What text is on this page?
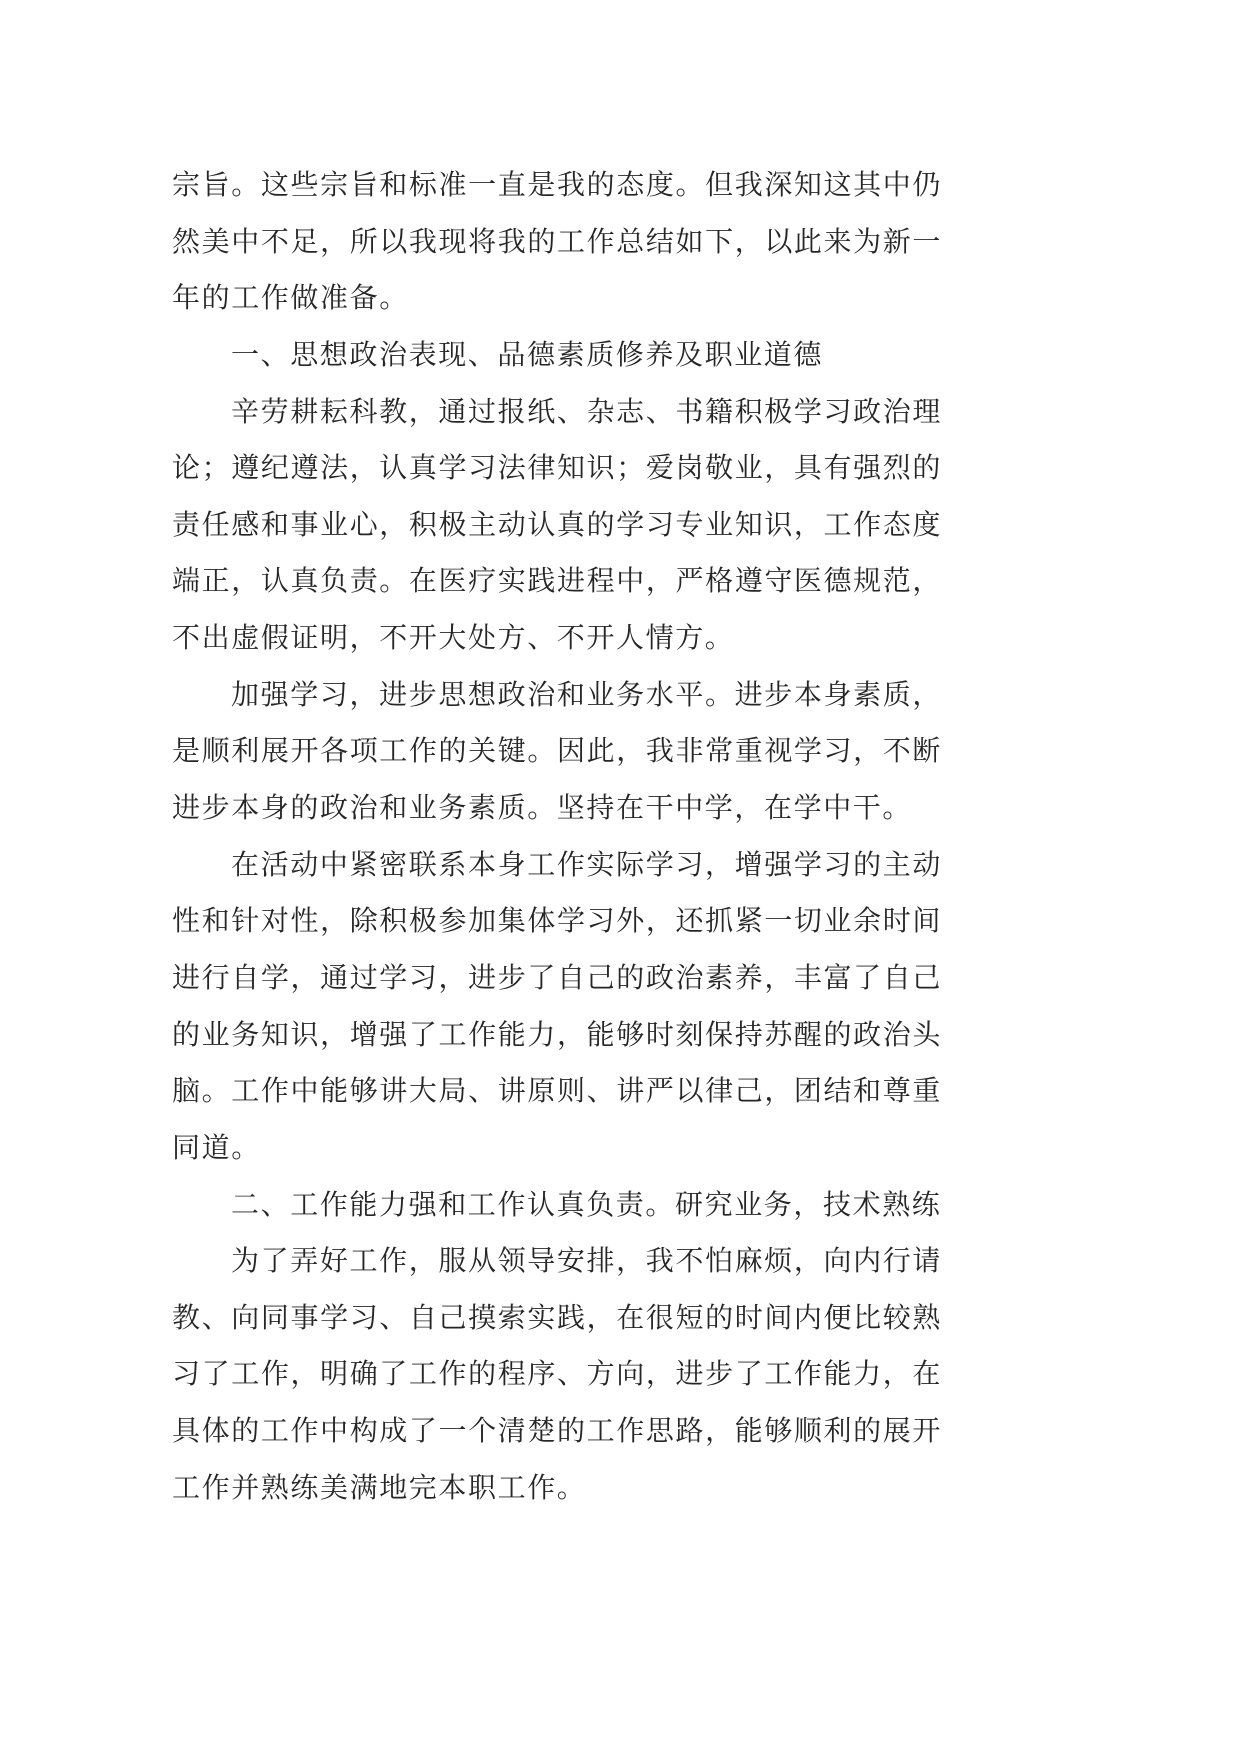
宗旨。这些宗旨和标准一直是我的态度。但我深知这其中仍
然美中不足，所以我现将我的工作总结如下，以此来为新一
年的工作做准备。
一、思想政治表现、品德素质修养及职业道德
辛劳耕耘科教，通过报纸、杂志、书籍积极学习政治理
论；遵纪遵法，认真学习法律知识；爱岗敬业，具有强烈的
责任感和事业心，积极主动认真的学习专业知识，工作态度
端正，认真负责。在医疗实践进程中，严格遵守医德规范，
不出虚假证明，不开大处方、不开人情方。
加强学习，进步思想政治和业务水平。进步本身素质，
是顺利展开各项工作的关键。因此，我非常重视学习，不断
进步本身的政治和业务素质。坚持在干中学，在学中干。
在活动中紧密联系本身工作实际学习，增强学习的主动
性和针对性，除积极参加集体学习外，还抓紧一切业余时间
进行自学，通过学习，进步了自己的政治素养，丰富了自己
的业务知识，增强了工作能力，能够时刻保持苏醒的政治头
脑。工作中能够讲大局、讲原则、讲严以律己，团结和尊重
同道。
二、工作能力强和工作认真负责。研究业务，技术熟练
为了弄好工作，服从领导安排，我不怕麻烦，向内行请
教、向同事学习、自己摸索实践，在很短的时间内便比较熟
习了工作，明确了工作的程序、方向，进步了工作能力，在
具体的工作中构成了一个清楚的工作思路，能够顺利的展开
工作并熟练美满地完本职工作。
